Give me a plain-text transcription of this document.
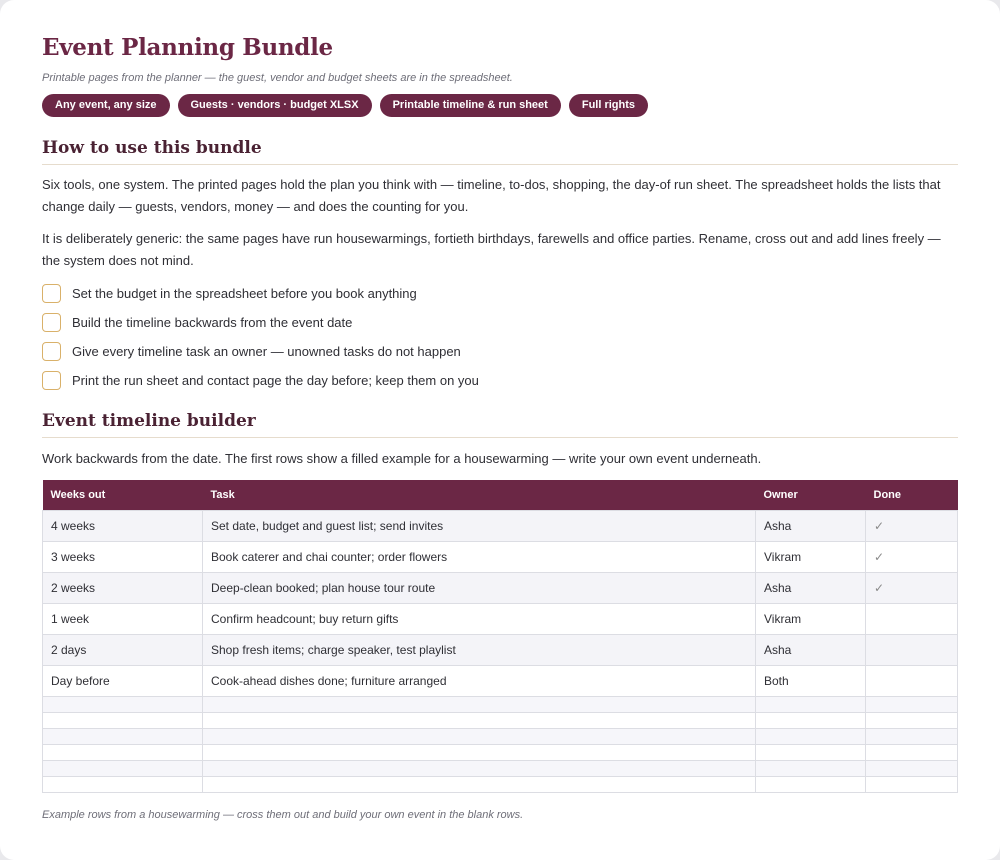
Event Planning Bundle
Printable pages from the planner — the guest, vendor and budget sheets are in the spreadsheet.
Any event, any size	Guests · vendors · budget XLSX	Printable timeline & run sheet	Full rights
How to use this bundle

Six tools, one system. The printed pages hold the plan you think with — timeline, to-dos, shopping, the day-of run sheet. The spreadsheet holds the lists that change daily — guests, vendors, money — and does the counting for you.

It is deliberately generic: the same pages have run housewarmings, fortieth birthdays, farewells and office parties. Rename, cross out and add lines freely — the system does not mind.

Set the budget in the spreadsheet before you book anything
Build the timeline backwards from the event date
Give every timeline task an owner — unowned tasks do not happen
Print the run sheet and contact page the day before; keep them on you
Event timeline builder

Work backwards from the date. The first rows show a filled example for a housewarming — write your own event underneath.

Weeks out	Task	Owner	Done
4 weeks	Set date, budget and guest list; send invites	Asha	✓
3 weeks	Book caterer and chai counter; order flowers	Vikram	✓
2 weeks	Deep-clean booked; plan house tour route	Asha	✓
1 week	Confirm headcount; buy return gifts	Vikram	
2 days	Shop fresh items; charge speaker, test playlist	Asha	
Day before	Cook-ahead dishes done; furniture arranged	Both	

Example rows from a housewarming — cross them out and build your own event in the blank rows.
